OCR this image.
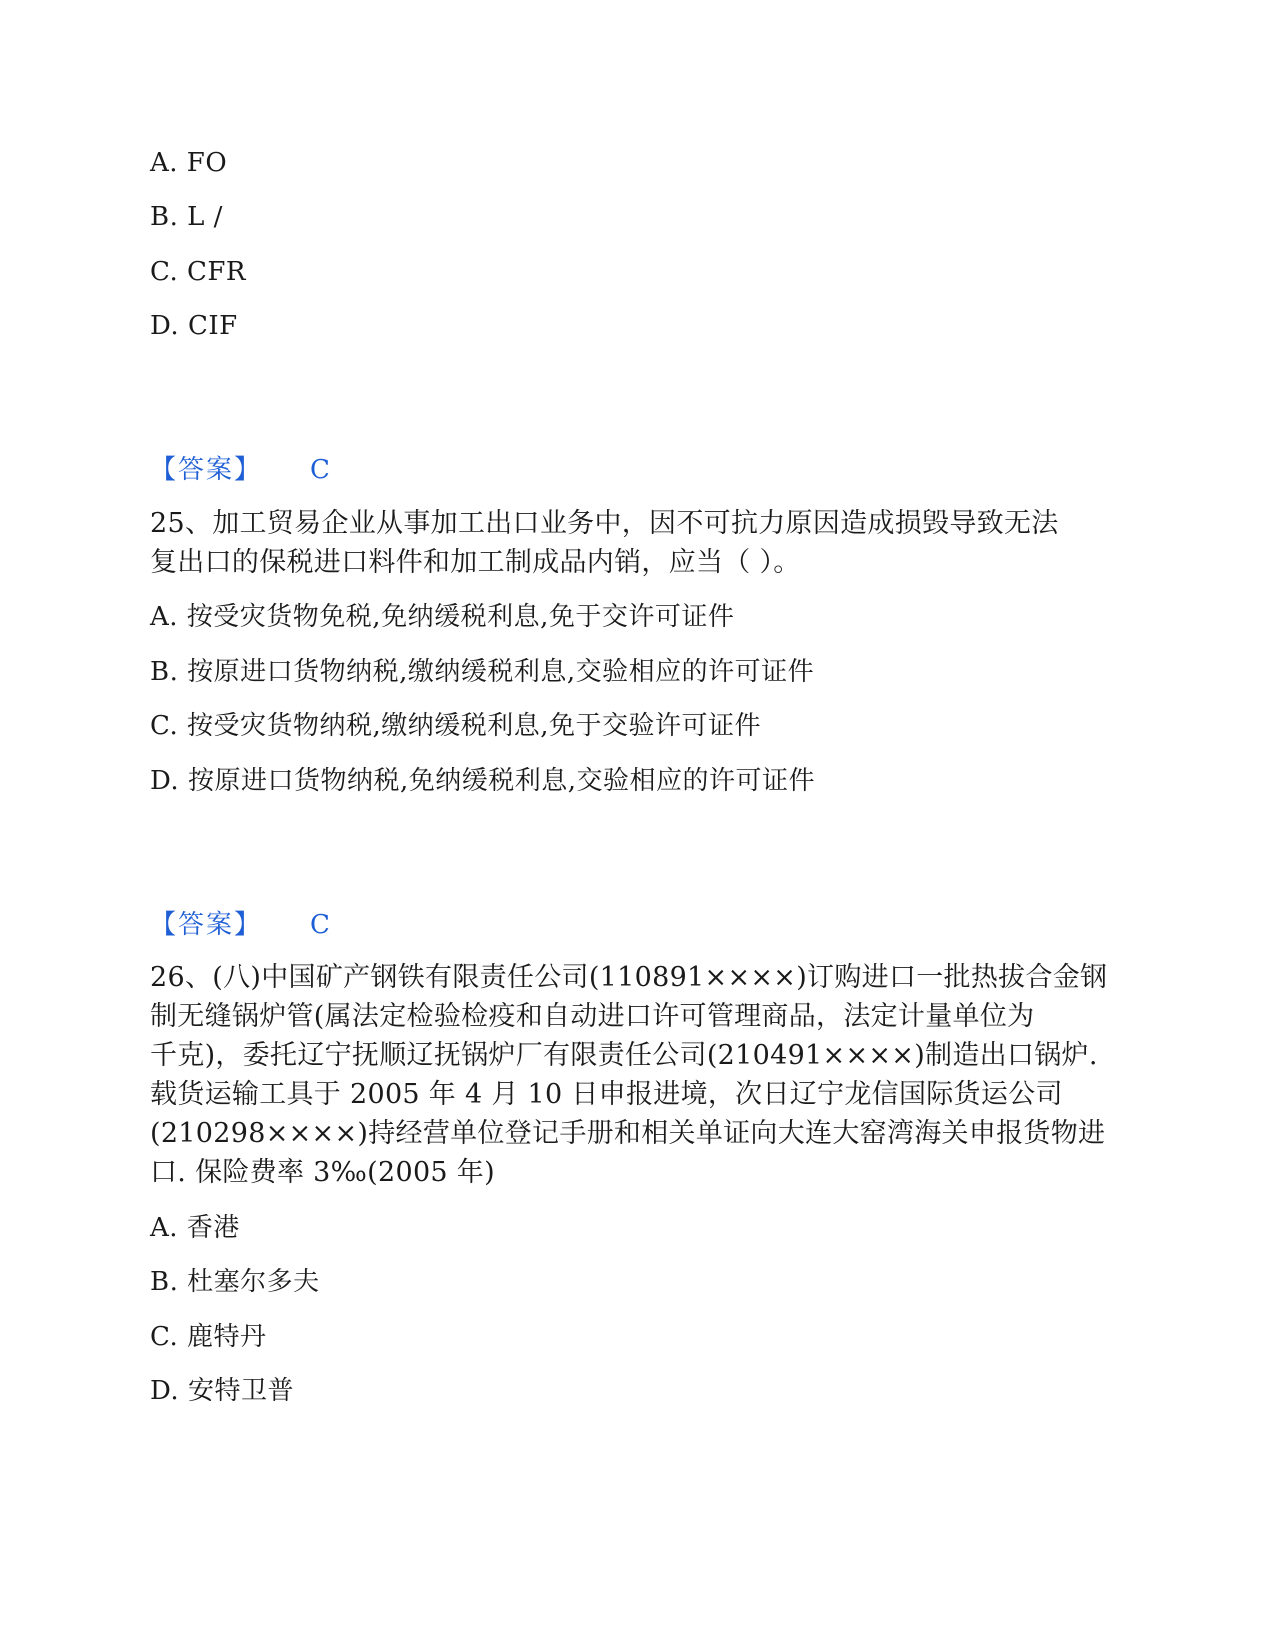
A. FO
B. L /
C. CFR
D. CIF
【答案】 C
25、加工贸易企业从事加工出口业务中，因不可抗力原因造成损毁导致无法
复出口的保税进口料件和加工制成品内销，应当（ ）。
A. 按受灾货物免税,免纳缓税利息,免于交许可证件
B. 按原进口货物纳税,缴纳缓税利息,交验相应的许可证件
C. 按受灾货物纳税,缴纳缓税利息,免于交验许可证件
D. 按原进口货物纳税,免纳缓税利息,交验相应的许可证件
【答案】 C
26、(八)中国矿产钢铁有限责任公司(110891××××)订购进口一批热拔合金钢
制无缝锅炉管(属法定检验检疫和自动进口许可管理商品，法定计量单位为
千克)，委托辽宁抚顺辽抚锅炉厂有限责任公司(210491××××)制造出口锅炉.
载货运输工具于 2005 年 4 月 10 日申报进境，次日辽宁龙信国际货运公司
(210298××××)持经营单位登记手册和相关单证向大连大窑湾海关申报货物进
口. 保险费率 3‰(2005 年)
A. 香港
B. 杜塞尔多夫
C. 鹿特丹
D. 安特卫普
